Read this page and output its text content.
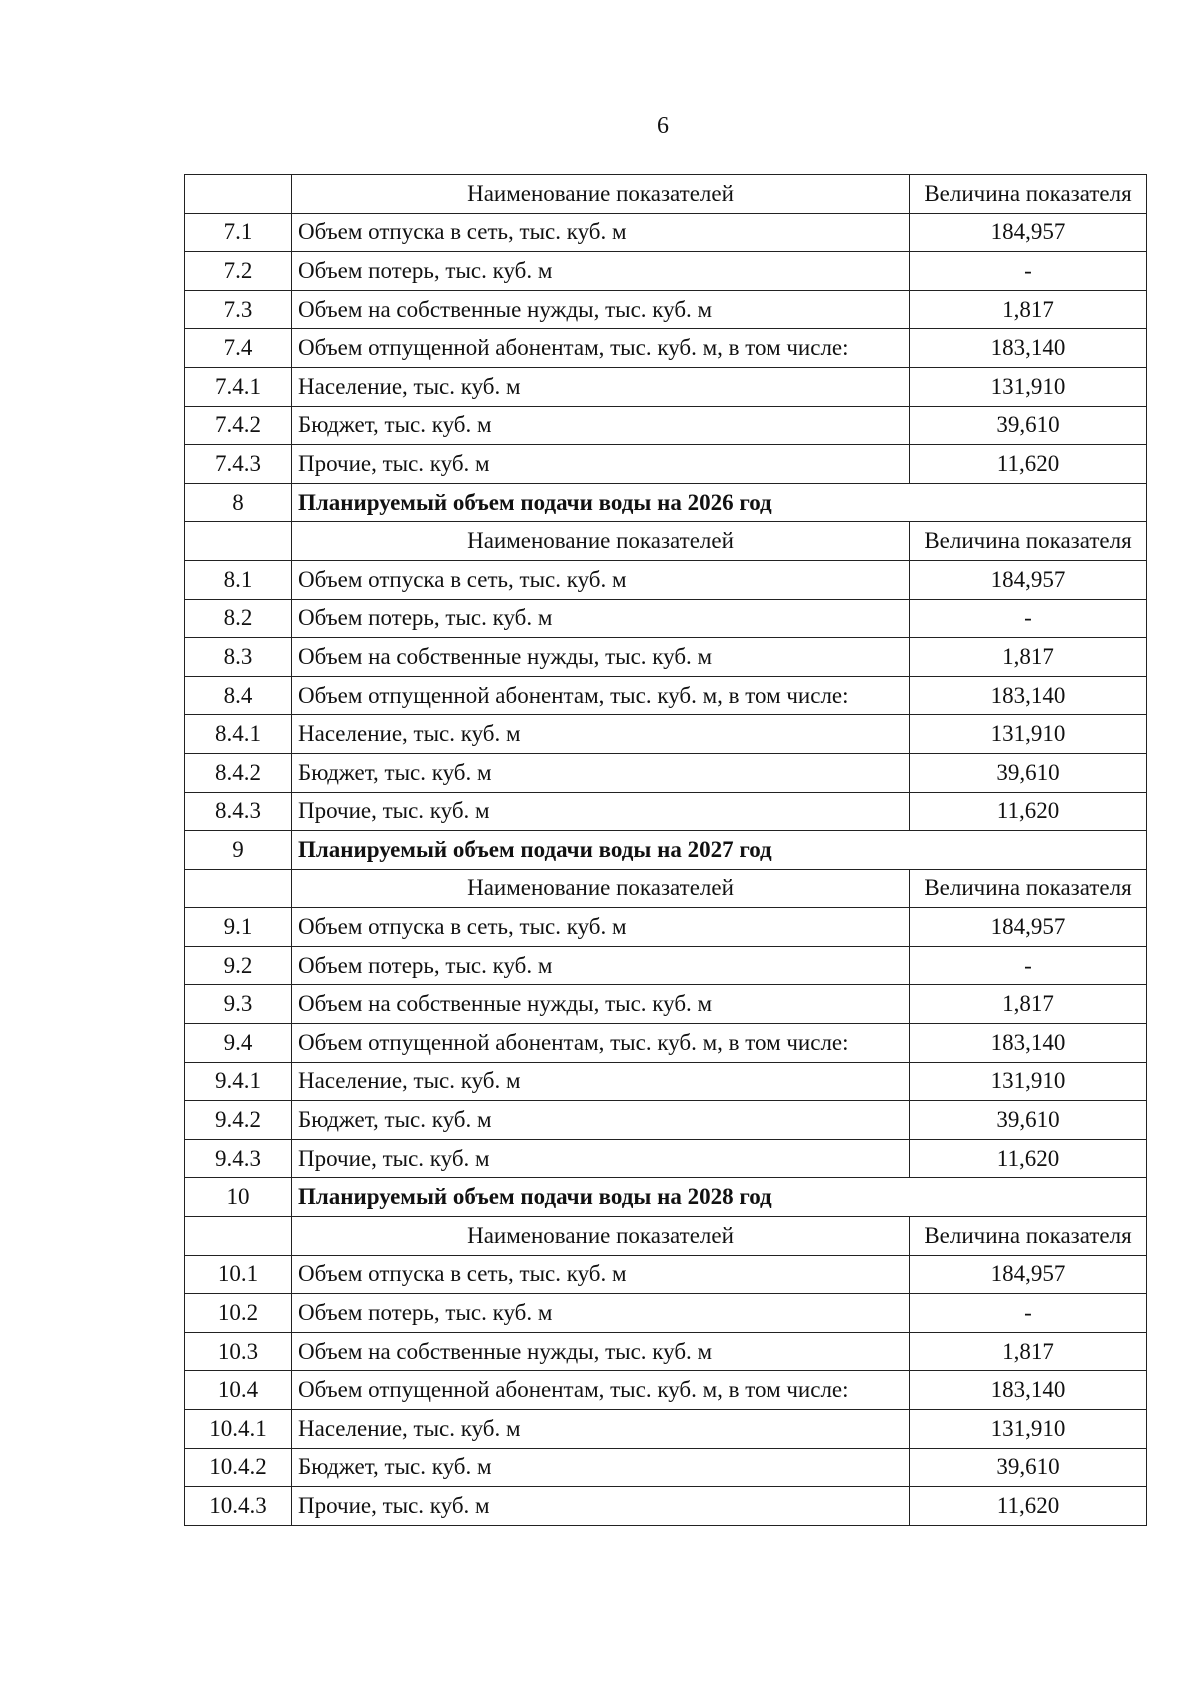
6
	Наименование показателей	Величина показателя
7.1	Объем отпуска в сеть, тыс. куб. м	184,957
7.2	Объем потерь, тыс. куб. м	-
7.3	Объем на собственные нужды, тыс. куб. м	1,817
7.4	Объем отпущенной абонентам, тыс. куб. м, в том числе:	183,140
7.4.1	Население, тыс. куб. м	131,910
7.4.2	Бюджет, тыс. куб. м	39,610
7.4.3	Прочие, тыс. куб. м	11,620
8	Планируемый объем подачи воды на 2026 год	
	Наименование показателей	Величина показателя
8.1	Объем отпуска в сеть, тыс. куб. м	184,957
8.2	Объем потерь, тыс. куб. м	-
8.3	Объем на собственные нужды, тыс. куб. м	1,817
8.4	Объем отпущенной абонентам, тыс. куб. м, в том числе:	183,140
8.4.1	Население, тыс. куб. м	131,910
8.4.2	Бюджет, тыс. куб. м	39,610
8.4.3	Прочие, тыс. куб. м	11,620
9	Планируемый объем подачи воды на 2027 год	
	Наименование показателей	Величина показателя
9.1	Объем отпуска в сеть, тыс. куб. м	184,957
9.2	Объем потерь, тыс. куб. м	-
9.3	Объем на собственные нужды, тыс. куб. м	1,817
9.4	Объем отпущенной абонентам, тыс. куб. м, в том числе:	183,140
9.4.1	Население, тыс. куб. м	131,910
9.4.2	Бюджет, тыс. куб. м	39,610
9.4.3	Прочие, тыс. куб. м	11,620
10	Планируемый объем подачи воды на 2028 год	
	Наименование показателей	Величина показателя
10.1	Объем отпуска в сеть, тыс. куб. м	184,957
10.2	Объем потерь, тыс. куб. м	-
10.3	Объем на собственные нужды, тыс. куб. м	1,817
10.4	Объем отпущенной абонентам, тыс. куб. м, в том числе:	183,140
10.4.1	Население, тыс. куб. м	131,910
10.4.2	Бюджет, тыс. куб. м	39,610
10.4.3	Прочие, тыс. куб. м	11,620
